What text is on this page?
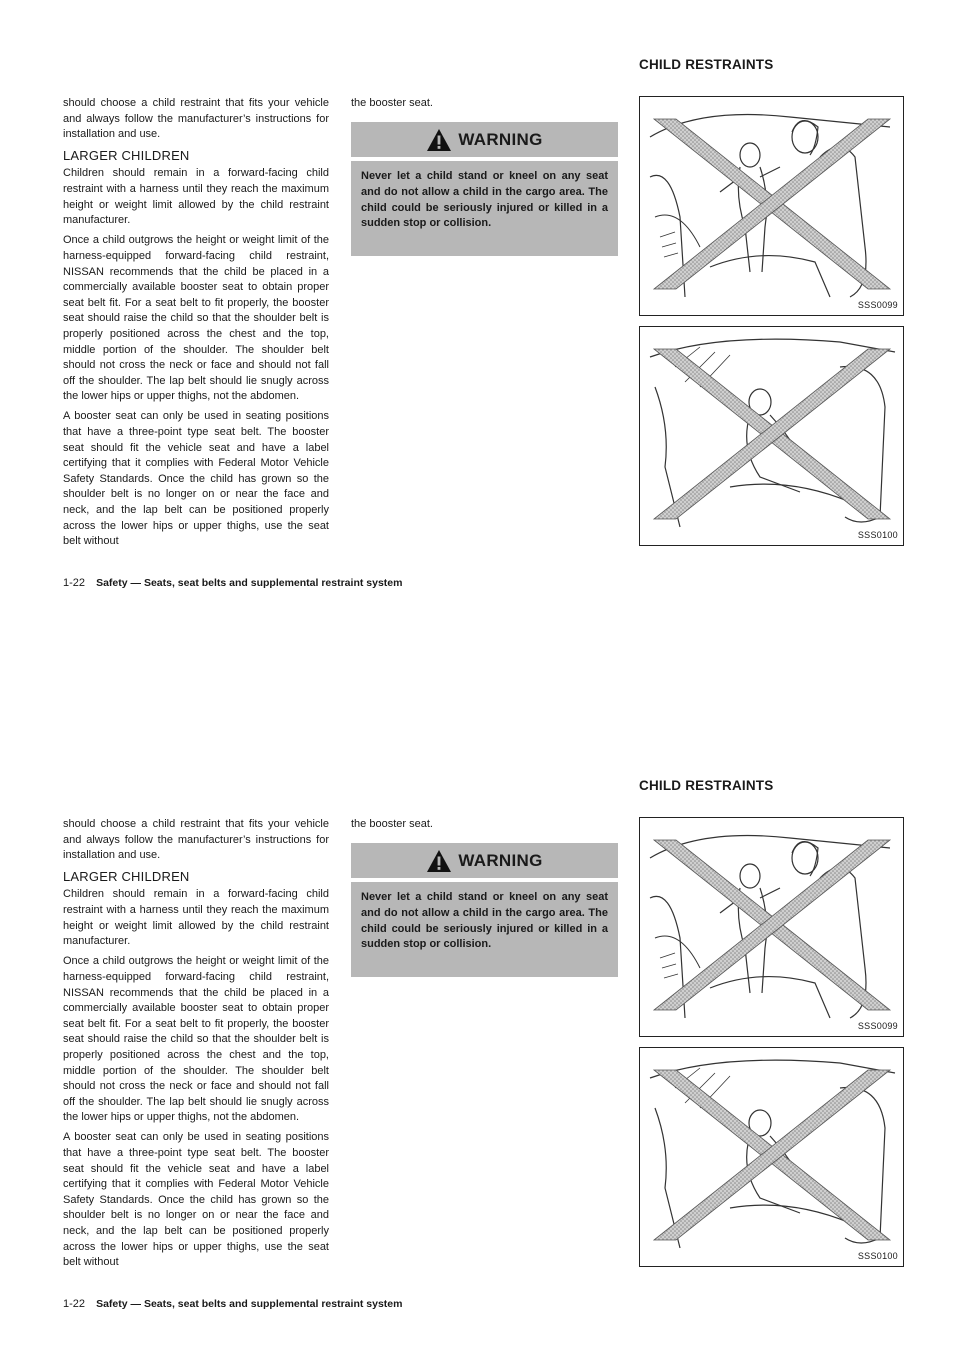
CHILD RESTRAINTS

should choose a child restraint that fits your vehicle and always follow the manufacturer’s instructions for installation and use.

LARGER CHILDREN

Children should remain in a forward-facing child restraint with a harness until they reach the maximum height or weight limit allowed by the child restraint manufacturer.

Once a child outgrows the height or weight limit of the harness-equipped forward-facing child restraint, NISSAN recommends that the child be placed in a commercially available booster seat to obtain proper seat belt fit. For a seat belt to fit properly, the booster seat should raise the child so that the shoulder belt is properly positioned across the chest and the top, middle portion of the shoulder. The shoulder belt should not cross the neck or face and should not fall off the shoulder. The lap belt should lie snugly across the lower hips or upper thighs, not the abdomen.

A booster seat can only be used in seating positions that have a three-point type seat belt. The booster seat should fit the vehicle seat and have a label certifying that it complies with Federal Motor Vehicle Safety Standards. Once the child has grown so the shoulder belt is no longer on or near the face and neck, and the lap belt can be positioned properly across the lower hips or upper thighs, use the seat belt without

the booster seat.

WARNING
Never let a child stand or kneel on any seat and do not allow a child in the cargo area. The child could be seriously injured or killed in a sudden stop or collision.
SSS0099
SSS0100
1-22 Safety — Seats, seat belts and supplemental restraint system
CHILD RESTRAINTS

should choose a child restraint that fits your vehicle and always follow the manufacturer’s instructions for installation and use.

LARGER CHILDREN

Children should remain in a forward-facing child restraint with a harness until they reach the maximum height or weight limit allowed by the child restraint manufacturer.

Once a child outgrows the height or weight limit of the harness-equipped forward-facing child restraint, NISSAN recommends that the child be placed in a commercially available booster seat to obtain proper seat belt fit. For a seat belt to fit properly, the booster seat should raise the child so that the shoulder belt is properly positioned across the chest and the top, middle portion of the shoulder. The shoulder belt should not cross the neck or face and should not fall off the shoulder. The lap belt should lie snugly across the lower hips or upper thighs, not the abdomen.

A booster seat can only be used in seating positions that have a three-point type seat belt. The booster seat should fit the vehicle seat and have a label certifying that it complies with Federal Motor Vehicle Safety Standards. Once the child has grown so the shoulder belt is no longer on or near the face and neck, and the lap belt can be positioned properly across the lower hips or upper thighs, use the seat belt without

the booster seat.

WARNING
Never let a child stand or kneel on any seat and do not allow a child in the cargo area. The child could be seriously injured or killed in a sudden stop or collision.
SSS0099
SSS0100
1-22 Safety — Seats, seat belts and supplemental restraint system
